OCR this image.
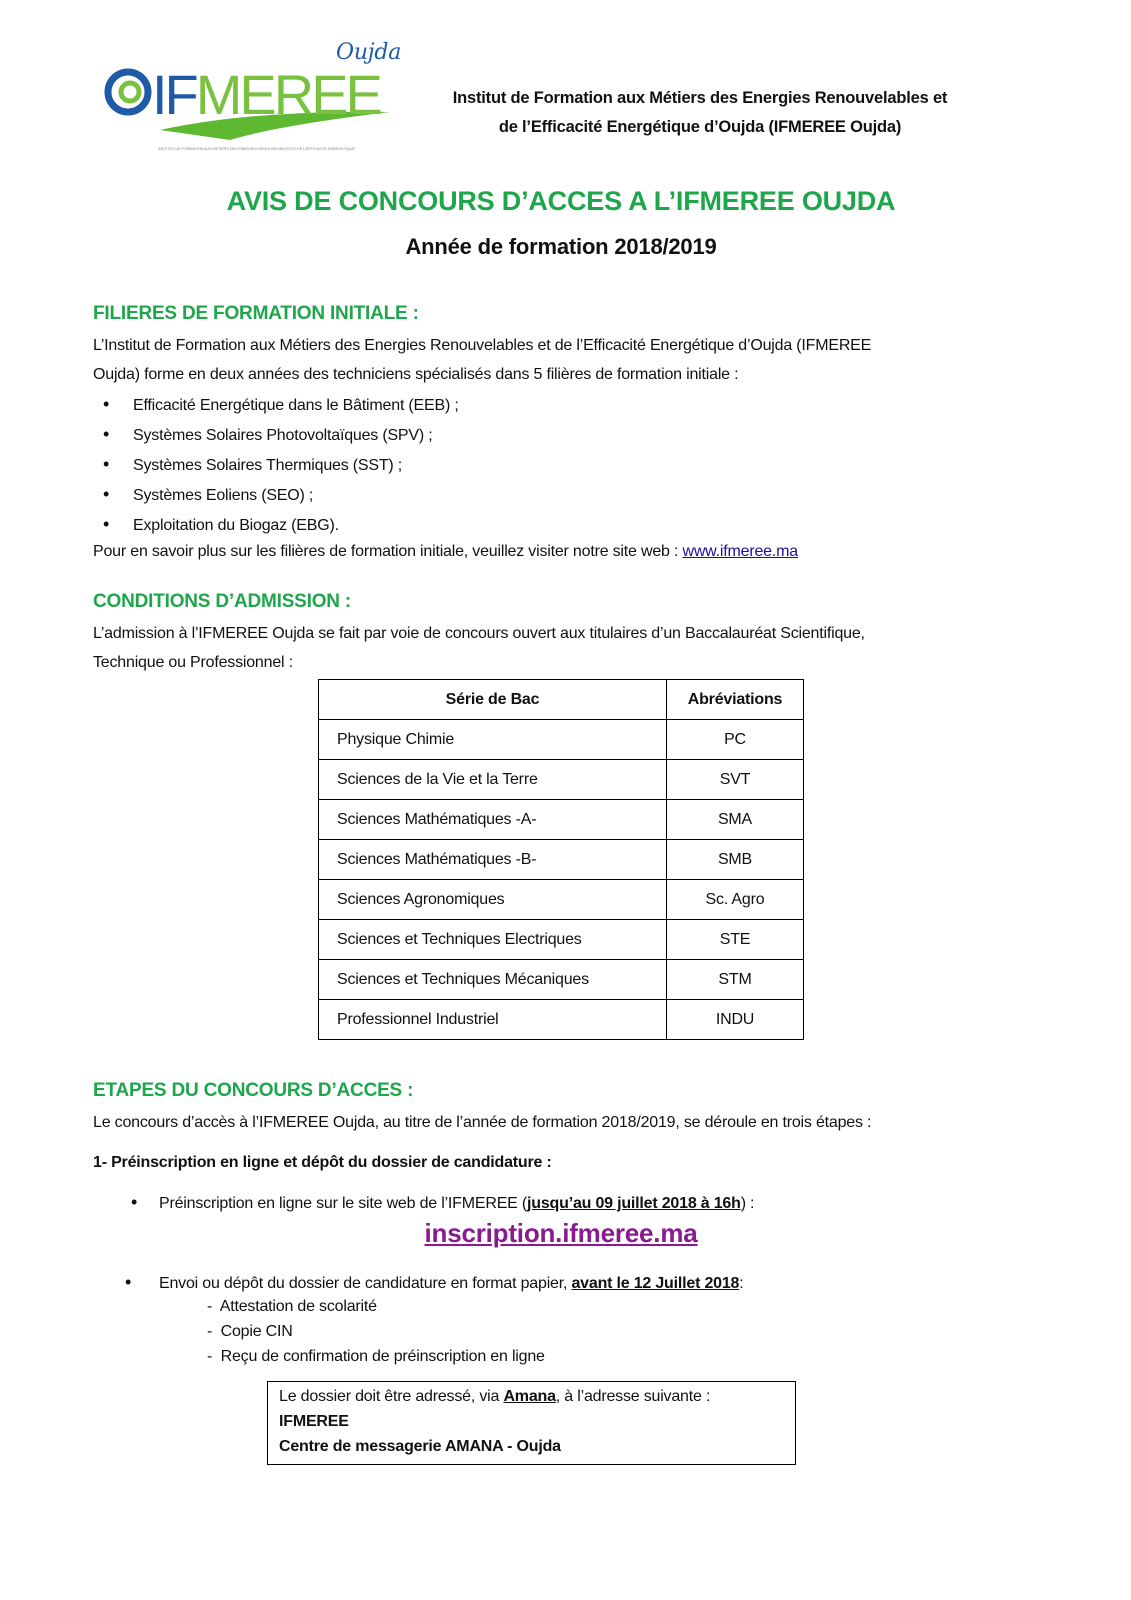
IF MEREE
Oujda
INSTITUT DE FORMATION AUX METIERS DES ENERGIES RENOUVELABLES ET DE L'EFFICACITE ENERGETIQUE
Institut de Formation aux Métiers des Energies Renouvelables et
de l’Efficacité Energétique d’Oujda (IFMEREE Oujda)
AVIS DE CONCOURS D’ACCES A L’IFMEREE OUJDA
Année de formation 2018/2019
FILIERES DE FORMATION INITIALE :
L’Institut de Formation aux Métiers des Energies Renouvelables et de l’Efficacité Energétique d’Oujda (IFMEREE
Oujda) forme en deux années des techniciens spécialisés dans 5 filières de formation initiale :
• Efficacité Energétique dans le Bâtiment (EEB) ;
• Systèmes Solaires Photovoltaïques (SPV) ;
• Systèmes Solaires Thermiques (SST) ;
• Systèmes Eoliens (SEO) ;
• Exploitation du Biogaz (EBG).
Pour en savoir plus sur les filières de formation initiale, veuillez visiter notre site web : www.ifmeree.ma
CONDITIONS D’ADMISSION :
L’admission à l’IFMEREE Oujda se fait par voie de concours ouvert aux titulaires d’un Baccalauréat Scientifique,
Technique ou Professionnel :
Série de Bac	Abréviations
Physique Chimie	PC
Sciences de la Vie et la Terre	SVT
Sciences Mathématiques -A-	SMA
Sciences Mathématiques -B-	SMB
Sciences Agronomiques	Sc. Agro
Sciences et Techniques Electriques	STE
Sciences et Techniques Mécaniques	STM
Professionnel Industriel	INDU
ETAPES DU CONCOURS D’ACCES :
Le concours d’accès à l’IFMEREE Oujda, au titre de l’année de formation 2018/2019, se déroule en trois étapes :
1- Préinscription en ligne et dépôt du dossier de candidature :
• Préinscription en ligne sur le site web de l’IFMEREE (jusqu’au 09 juillet 2018 à 16h) :
inscription.ifmeree.ma
• Envoi ou dépôt du dossier de candidature en format papier, avant le 12 Juillet 2018:
-  Attestation de scolarité
-  Copie CIN
-  Reçu de confirmation de préinscription en ligne
Le dossier doit être adressé, via Amana, à l’adresse suivante :
IFMEREE
Centre de messagerie AMANA - Oujda
